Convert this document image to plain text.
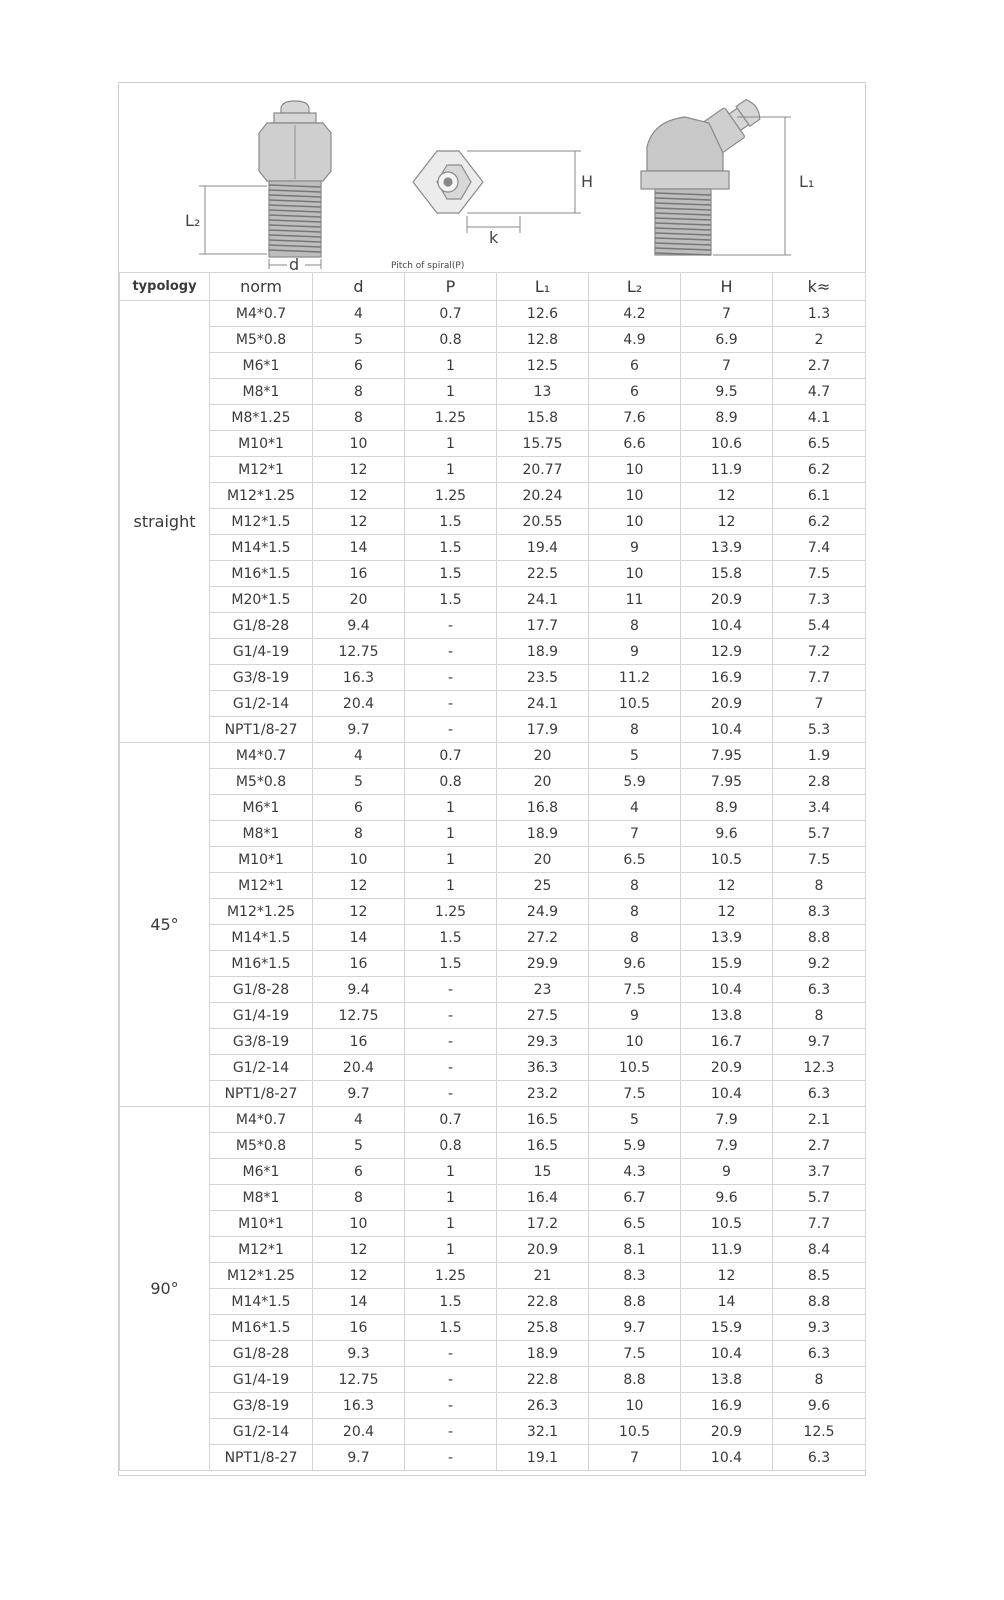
L₂
d
H
k
Pitch of spiral(P)
L₁
typology	norm	d	P	L₁	L₂	H	k≈
straight	M4*0.7	4	0.7	12.6	4.2	7	1.3
	M5*0.8	5	0.8	12.8	4.9	6.9	2
	M6*1	6	1	12.5	6	7	2.7
	M8*1	8	1	13	6	9.5	4.7
	M8*1.25	8	1.25	15.8	7.6	8.9	4.1
	M10*1	10	1	15.75	6.6	10.6	6.5
	M12*1	12	1	20.77	10	11.9	6.2
	M12*1.25	12	1.25	20.24	10	12	6.1
	M12*1.5	12	1.5	20.55	10	12	6.2
	M14*1.5	14	1.5	19.4	9	13.9	7.4
	M16*1.5	16	1.5	22.5	10	15.8	7.5
	M20*1.5	20	1.5	24.1	11	20.9	7.3
	G1/8-28	9.4	-	17.7	8	10.4	5.4
	G1/4-19	12.75	-	18.9	9	12.9	7.2
	G3/8-19	16.3	-	23.5	11.2	16.9	7.7
	G1/2-14	20.4	-	24.1	10.5	20.9	7
	NPT1/8-27	9.7	-	17.9	8	10.4	5.3
45°	M4*0.7	4	0.7	20	5	7.95	1.9
	M5*0.8	5	0.8	20	5.9	7.95	2.8
	M6*1	6	1	16.8	4	8.9	3.4
	M8*1	8	1	18.9	7	9.6	5.7
	M10*1	10	1	20	6.5	10.5	7.5
	M12*1	12	1	25	8	12	8
	M12*1.25	12	1.25	24.9	8	12	8.3
	M14*1.5	14	1.5	27.2	8	13.9	8.8
	M16*1.5	16	1.5	29.9	9.6	15.9	9.2
	G1/8-28	9.4	-	23	7.5	10.4	6.3
	G1/4-19	12.75	-	27.5	9	13.8	8
	G3/8-19	16	-	29.3	10	16.7	9.7
	G1/2-14	20.4	-	36.3	10.5	20.9	12.3
	NPT1/8-27	9.7	-	23.2	7.5	10.4	6.3
90°	M4*0.7	4	0.7	16.5	5	7.9	2.1
	M5*0.8	5	0.8	16.5	5.9	7.9	2.7
	M6*1	6	1	15	4.3	9	3.7
	M8*1	8	1	16.4	6.7	9.6	5.7
	M10*1	10	1	17.2	6.5	10.5	7.7
	M12*1	12	1	20.9	8.1	11.9	8.4
	M12*1.25	12	1.25	21	8.3	12	8.5
	M14*1.5	14	1.5	22.8	8.8	14	8.8
	M16*1.5	16	1.5	25.8	9.7	15.9	9.3
	G1/8-28	9.3	-	18.9	7.5	10.4	6.3
	G1/4-19	12.75	-	22.8	8.8	13.8	8
	G3/8-19	16.3	-	26.3	10	16.9	9.6
	G1/2-14	20.4	-	32.1	10.5	20.9	12.5
	NPT1/8-27	9.7	-	19.1	7	10.4	6.3
